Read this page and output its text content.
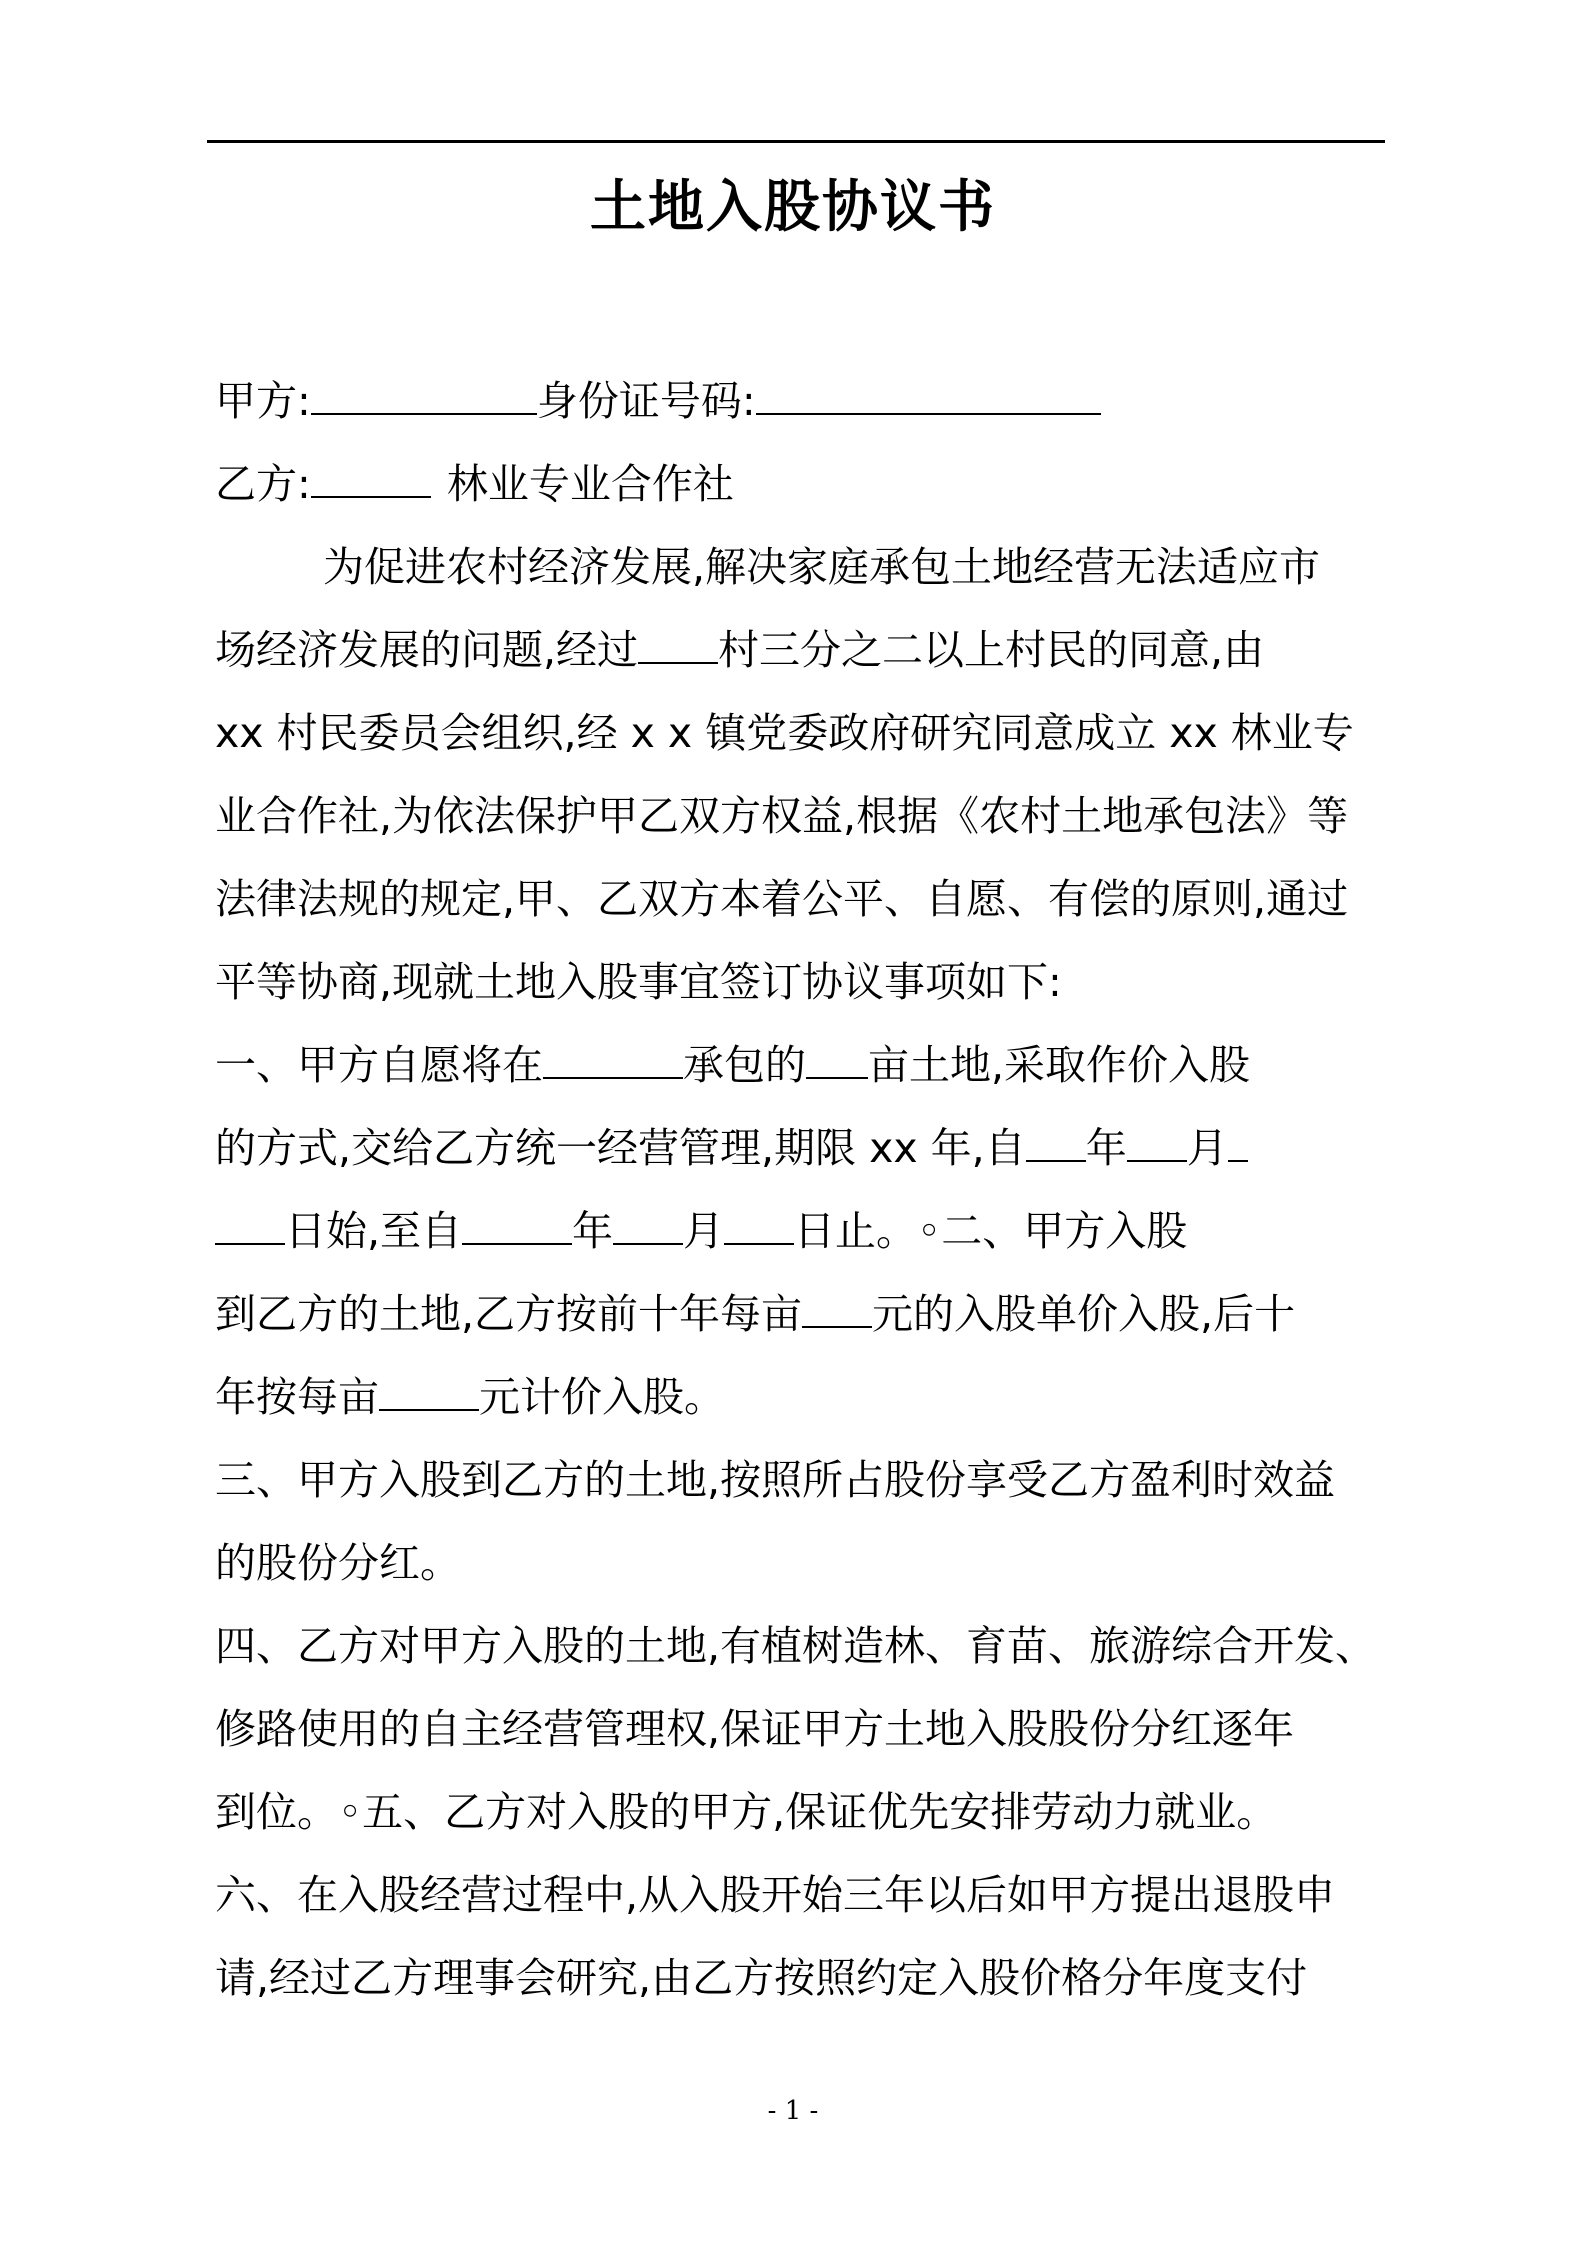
土地入股协议书
甲方:	身份证号码:
乙方:	林业专业合作社
为促进农村经济发展,解决家庭承包土地经营无法适应市
场经济发展的问题,经过 村三分之二以上村民的同意,由
xx 村民委员会组织,经 x x 镇党委政府研究同意成立 xx 林业专
业合作社,为依法保护甲乙双方权益,根据《农村土地承包法》等
法律法规的规定,甲、乙双方本着公平、自愿、有偿的原则,通过
平等协商,现就土地入股事宜签订协议事项如下:
一、甲方自愿将在	承包的 亩土地,采取作价入股
的方式,交给乙方统一经营管理,期限 xx 年,自 年 月
日始,至自	年 月 日止。◦二、甲方入股
到乙方的土地,乙方按前十年每亩 元的入股单价入股,后十
年按每亩 元计价入股。
三、甲方入股到乙方的土地,按照所占股份享受乙方盈利时效益
的股份分红。
四、乙方对甲方入股的土地,有植树造林、育苗、旅游综合开发、
修路使用的自主经营管理权,保证甲方土地入股股份分红逐年
到位。◦五、乙方对入股的甲方,保证优先安排劳动力就业。
六、在入股经营过程中,从入股开始三年以后如甲方提出退股申
请,经过乙方理事会研究,由乙方按照约定入股价格分年度支付
- 1 -
